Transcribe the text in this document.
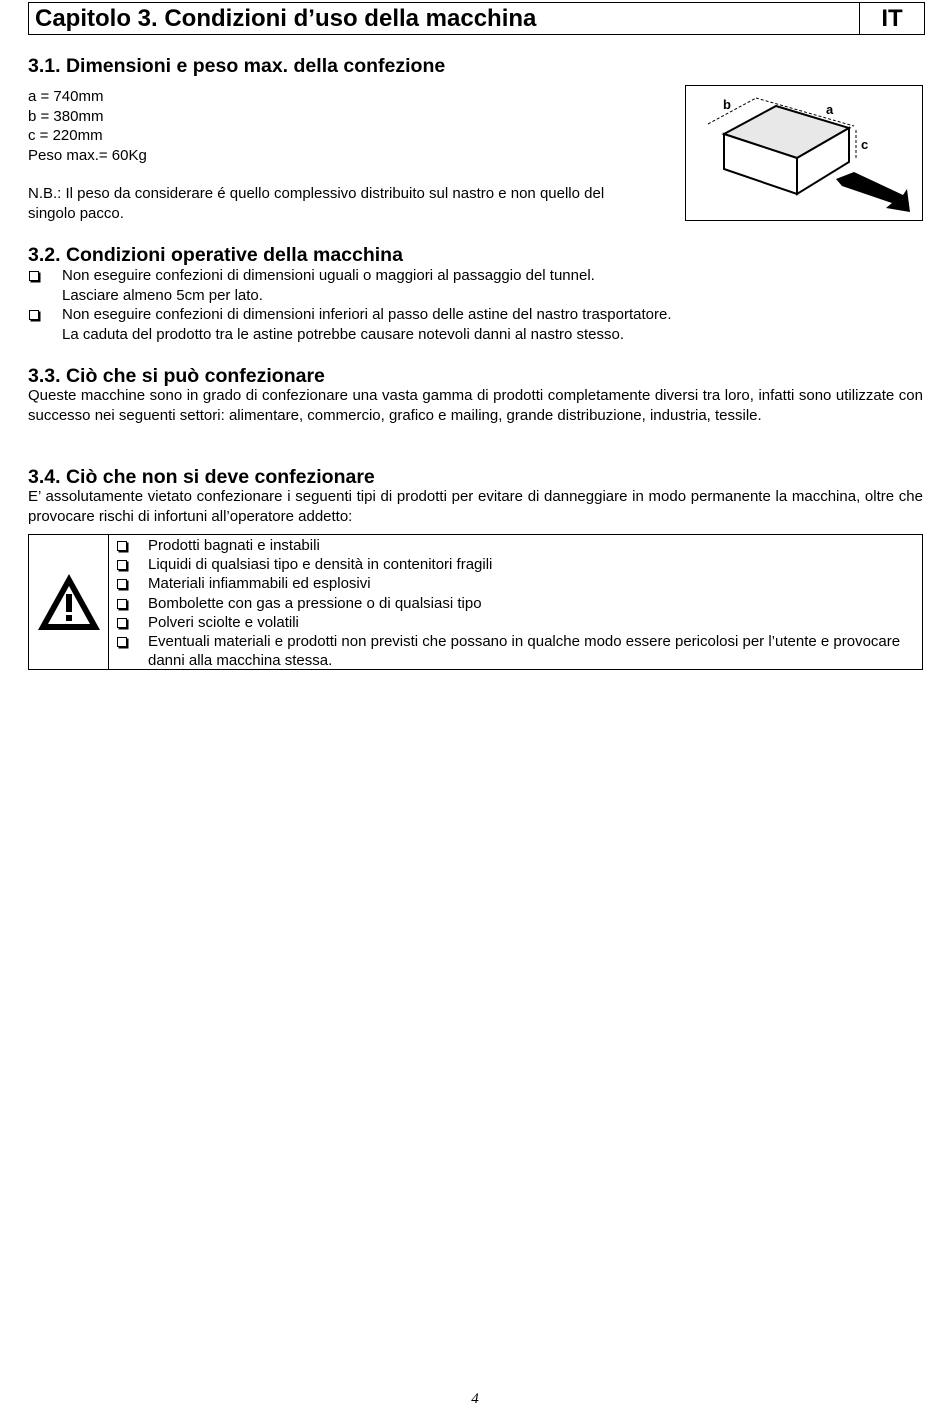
Capitolo 3. Condizioni d’uso della macchina	IT
3.1. Dimensioni e peso max. della confezione
a = 740mm
b = 380mm
c = 220mm
Peso max.= 60Kg
N.B.: Il peso da considerare é quello complessivo distribuito sul nastro e non quello del
singolo pacco.
b	a
c
3.2. Condizioni operative della macchina
Non eseguire confezioni di dimensioni uguali o maggiori al passaggio del tunnel.
Lasciare almeno 5cm per lato.
Non eseguire confezioni di dimensioni inferiori al passo delle astine del nastro trasportatore.
La caduta del prodotto tra le astine potrebbe causare notevoli danni al nastro stesso.
3.3. Ciò che si può confezionare
Queste macchine sono in grado di confezionare una vasta gamma di prodotti completamente diversi tra loro, infatti sono utilizzate con successo nei seguenti settori: alimentare, commercio, grafico e mailing, grande distribuzione, industria, tessile.
3.4. Ciò che non si deve confezionare
E’ assolutamente vietato confezionare i seguenti tipi di prodotti per evitare di danneggiare in modo permanente la macchina, oltre che provocare rischi di infortuni all’operatore addetto:
Prodotti bagnati e instabili
Liquidi di qualsiasi tipo e densità in contenitori fragili
Materiali infiammabili ed esplosivi
Bombolette con gas a pressione o di qualsiasi tipo
Polveri sciolte e volatili
Eventuali materiali e prodotti non previsti che possano in qualche modo essere pericolosi per l’utente e provocare danni alla macchina stessa.
4
